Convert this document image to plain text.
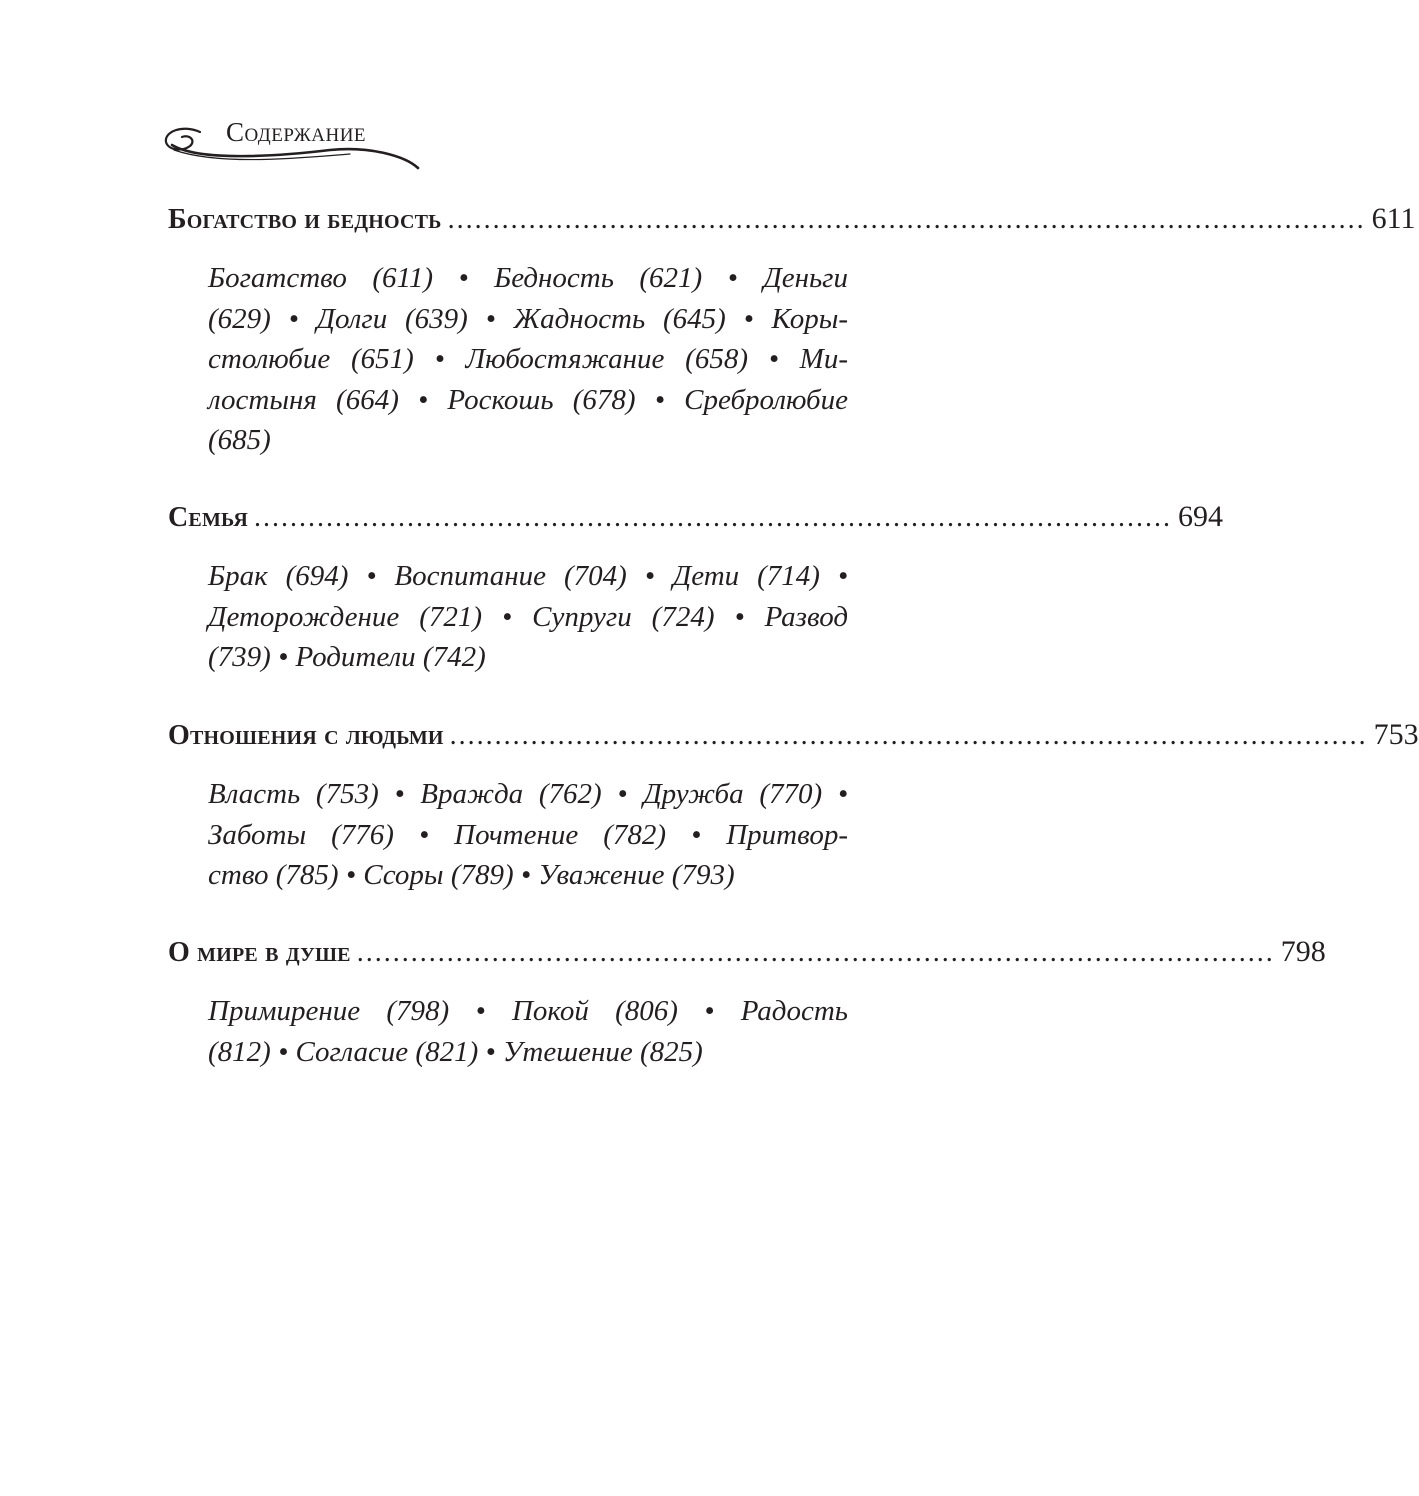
Содержание
Богатство и бедность ...................................................................................................... 611
Богатство (611) • Бедность (621) • Деньги
(629) • Долги (639) • Жадность (645) • Коры-
столюбие (651) • Любостяжание (658) • Ми-
лостыня (664) • Роскошь (678) • Сребролюбие
(685)
Семья ...................................................................................................... 694
Брак (694) • Воспитание (704) • Дети (714) •
Деторождение (721) • Супруги (724) • Развод
(739) • Родители (742)
Отношения с людьми ...................................................................................................... 753
Власть (753) • Вражда (762) • Дружба (770) •
Заботы (776) • Почтение (782) • Притвор-
ство (785) • Ссоры (789) • Уважение (793)
О мире в душе ...................................................................................................... 798
Примирение (798) • Покой (806) • Радость
(812) • Согласие (821) • Утешение (825)
